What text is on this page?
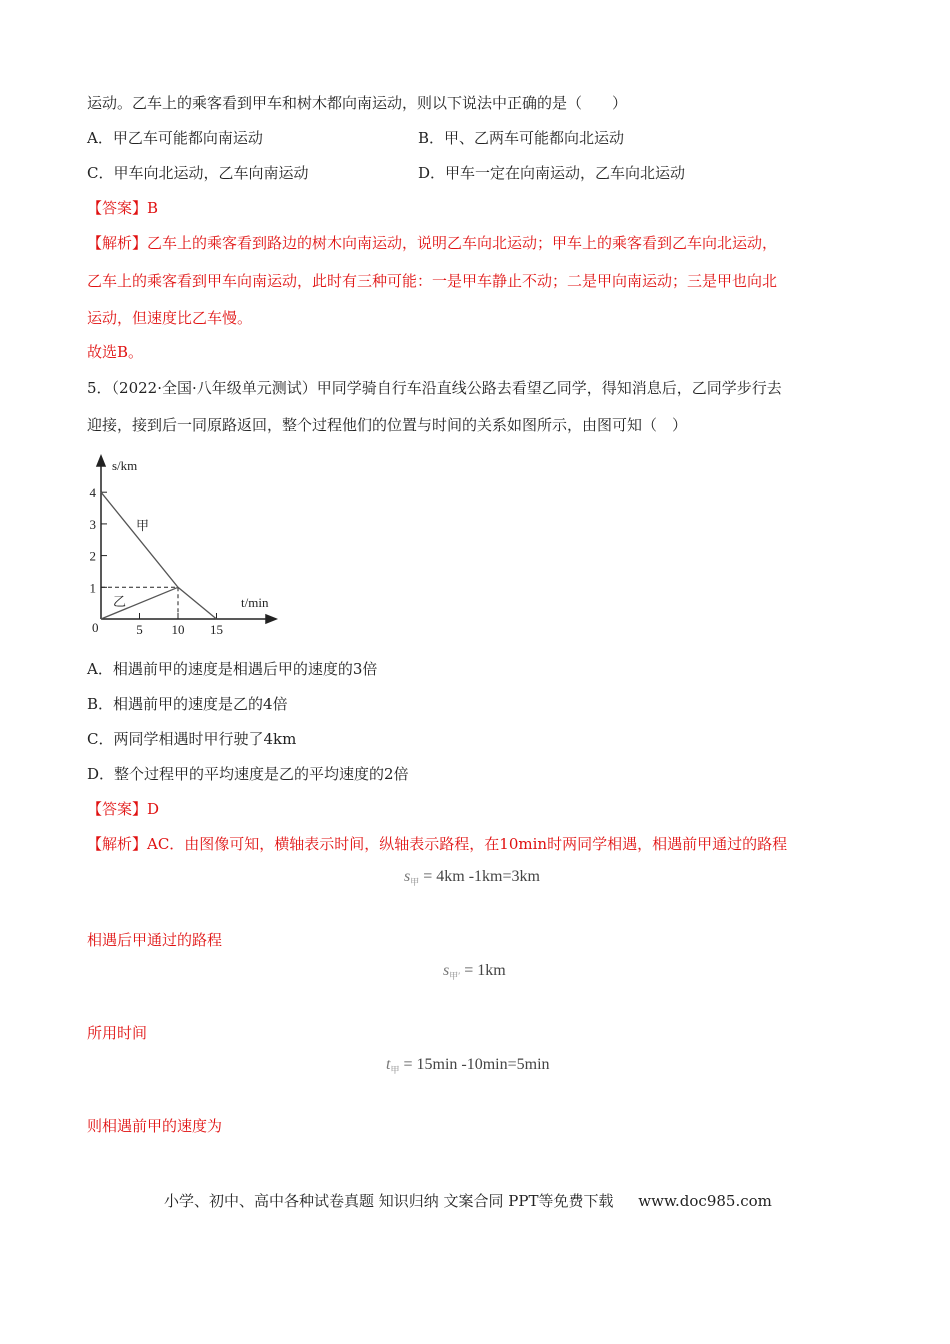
运动。乙车上的乘客看到甲车和树木都向南运动，则以下说法中正确的是（　　）
A．甲乙车可能都向南运动	B．甲、乙两车可能都向北运动
C．甲车向北运动，乙车向南运动	D．甲车一定在向南运动，乙车向北运动
【答案】B
【解析】乙车上的乘客看到路边的树木向南运动，说明乙车向北运动；甲车上的乘客看到乙车向北运动，
乙车上的乘客看到甲车向南运动，此时有三种可能：一是甲车静止不动；二是甲向南运动；三是甲也向北
运动，但速度比乙车慢。
故选B。
5．（2022·全国·八年级单元测试）甲同学骑自行车沿直线公路去看望乙同学，得知消息后，乙同学步行去
迎接，接到后一同原路返回，整个过程他们的位置与时间的关系如图所示，由图可知（　）
5 10 15
1
2
3
4
甲
乙
s/km
t/min
0
A．相遇前甲的速度是相遇后甲的速度的3倍
B．相遇前甲的速度是乙的4倍
C．两同学相遇时甲行驶了4km
D．整个过程甲的平均速度是乙的平均速度的2倍
【答案】D
【解析】AC．由图像可知，横轴表示时间，纵轴表示路程，在10min时两同学相遇，相遇前甲通过的路程
$s_甲 = 4km$ -1km=3km
相遇后甲通过的路程
$s_{甲'} = 1km$
所用时间
$t_甲 = 15\min$ -10min=5min
则相遇前甲的速度为
小学、初中、高中各种试卷真题 知识归纳 文案合同 PPT等免费下载 www.doc985.com
